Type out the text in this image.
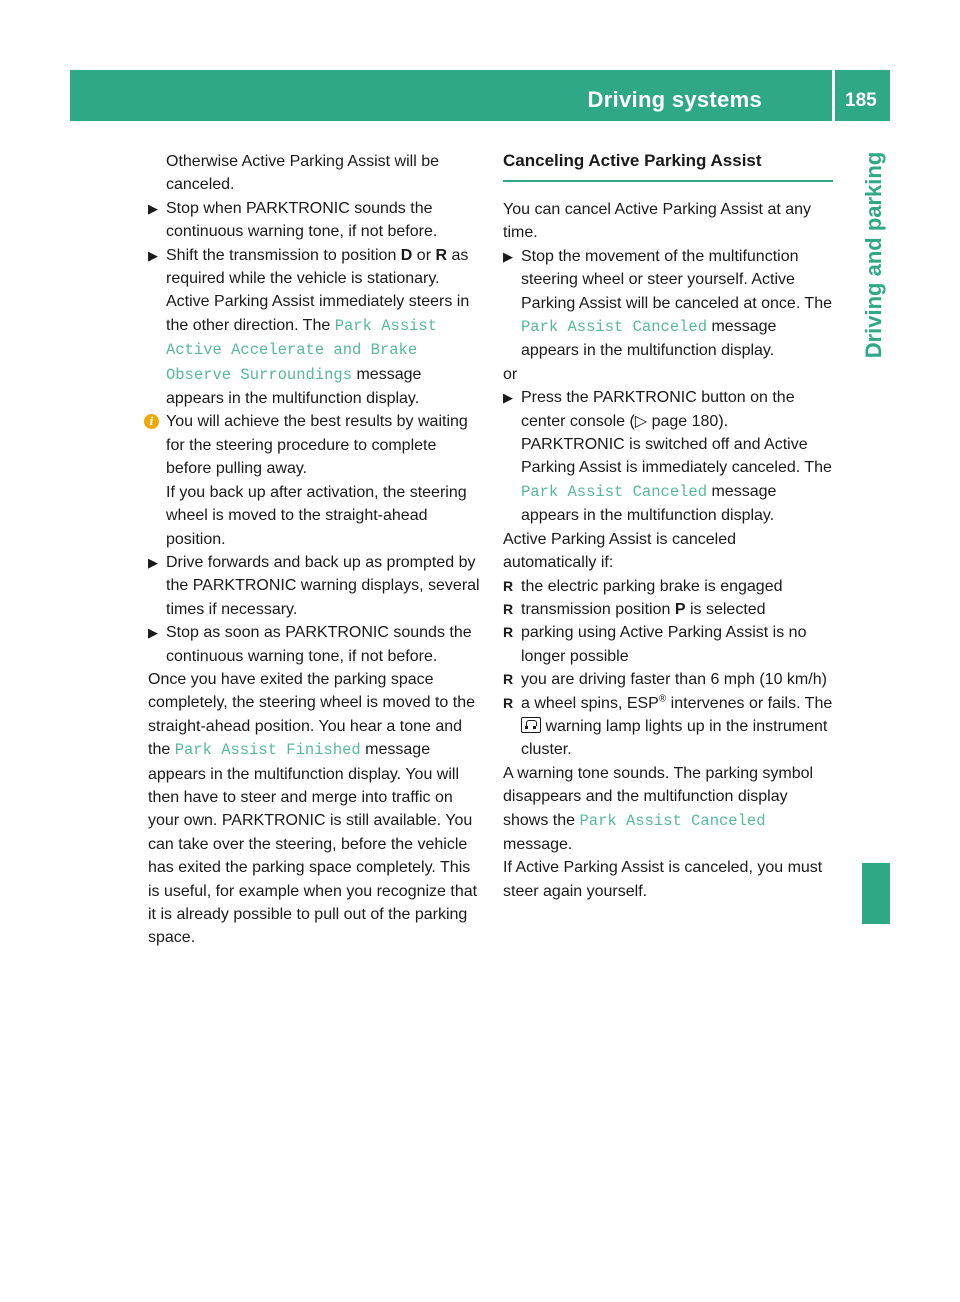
Driving systems	185
Driving and parking

Otherwise Active Parking Assist will be canceled.

▶ Stop when PARKTRONIC sounds the continuous warning tone, if not before.
▶ Shift the transmission to position D or R as required while the vehicle is stationary. Active Parking Assist immediately steers in the other direction. The Park Assist Active Accelerate and Brake Observe Surroundings message appears in the multifunction display.
i You will achieve the best results by waiting for the steering procedure to complete before pulling away.

If you back up after activation, the steering wheel is moved to the straight-ahead position.

▶ Drive forwards and back up as prompted by the PARKTRONIC warning displays, several times if necessary.
▶ Stop as soon as PARKTRONIC sounds the continuous warning tone, if not before.

Once you have exited the parking space completely, the steering wheel is moved to the straight-ahead position. You hear a tone and the Park Assist Finished message appears in the multifunction display. You will then have to steer and merge into traffic on your own. PARKTRONIC is still available. You can take over the steering, before the vehicle has exited the parking space completely. This is useful, for example when you recognize that it is already possible to pull out of the parking space.

Canceling Active Parking Assist

You can cancel Active Parking Assist at any time.

▶ Stop the movement of the multifunction steering wheel or steer yourself. Active Parking Assist will be canceled at once. The Park Assist Canceled message appears in the multifunction display.

or

▶ Press the PARKTRONIC button on the center console (▷ page 180). PARKTRONIC is switched off and Active Parking Assist is immediately canceled. The Park Assist Canceled message appears in the multifunction display.

Active Parking Assist is canceled automatically if:

R the electric parking brake is engaged
R transmission position P is selected
R parking using Active Parking Assist is no longer possible
R you are driving faster than 6 mph (10 km/h)
R a wheel spins, ESP® intervenes or fails. The  warning lamp lights up in the instrument cluster.

A warning tone sounds. The parking symbol disappears and the multifunction display shows the Park Assist Canceled message.

If Active Parking Assist is canceled, you must steer again yourself.
